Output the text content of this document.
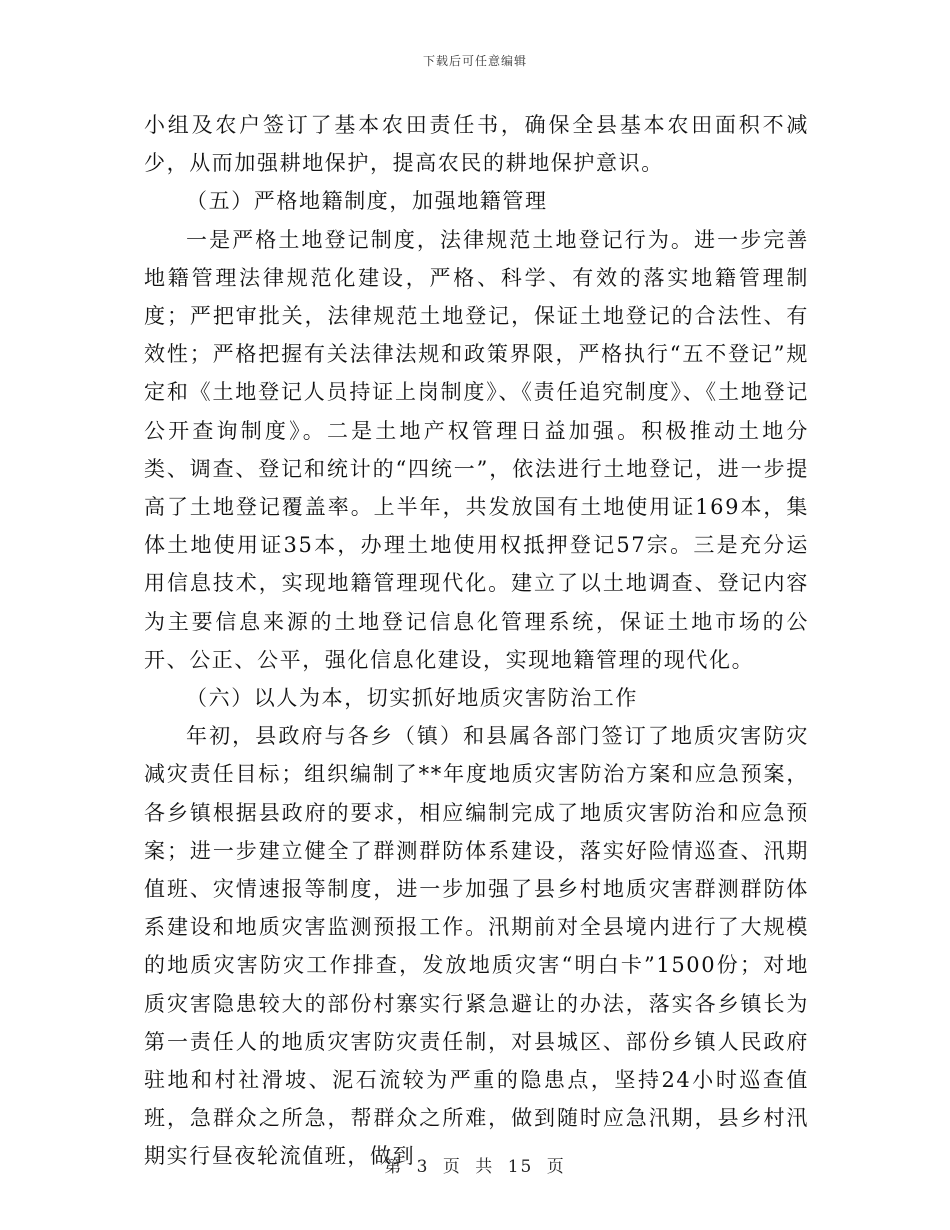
下载后可任意编辑

小组及农户签订了基本农田责任书，确保全县基本农田面积不减少，从而加强耕地保护，提高农民的耕地保护意识。

（五）严格地籍制度，加强地籍管理

一是严格土地登记制度，法律规范土地登记行为。进一步完善地籍管理法律规范化建设，严格、科学、有效的落实地籍管理制度；严把审批关，法律规范土地登记，保证土地登记的合法性、有效性；严格把握有关法律法规和政策界限，严格执行“五不登记”规定和《土地登记人员持证上岗制度》、《责任追究制度》、《土地登记公开查询制度》。二是土地产权管理日益加强。积极推动土地分类、调查、登记和统计的“四统一”，依法进行土地登记，进一步提高了土地登记覆盖率。上半年，共发放国有土地使用证169本，集体土地使用证35本，办理土地使用权抵押登记57宗。三是充分运用信息技术，实现地籍管理现代化。建立了以土地调查、登记内容为主要信息来源的土地登记信息化管理系统，保证土地市场的公开、公正、公平，强化信息化建设，实现地籍管理的现代化。

（六）以人为本，切实抓好地质灾害防治工作

年初，县政府与各乡（镇）和县属各部门签订了地质灾害防灾减灾责任目标；组织编制了**年度地质灾害防治方案和应急预案，各乡镇根据县政府的要求，相应编制完成了地质灾害防治和应急预案；进一步建立健全了群测群防体系建设，落实好险情巡查、汛期值班、灾情速报等制度，进一步加强了县乡村地质灾害群测群防体系建设和地质灾害监测预报工作。汛期前对全县境内进行了大规模的地质灾害防灾工作排查，发放地质灾害“明白卡”1500份；对地质灾害隐患较大的部份村寨实行紧急避让的办法，落实各乡镇长为第一责任人的地质灾害防灾责任制，对县城区、部份乡镇人民政府驻地和村社滑坡、泥石流较为严重的隐患点，坚持24小时巡查值班，急群众之所急，帮群众之所难，做到随时应急汛期，县乡村汛期实行昼夜轮流值班，做到

第 3 页 共 15 页
